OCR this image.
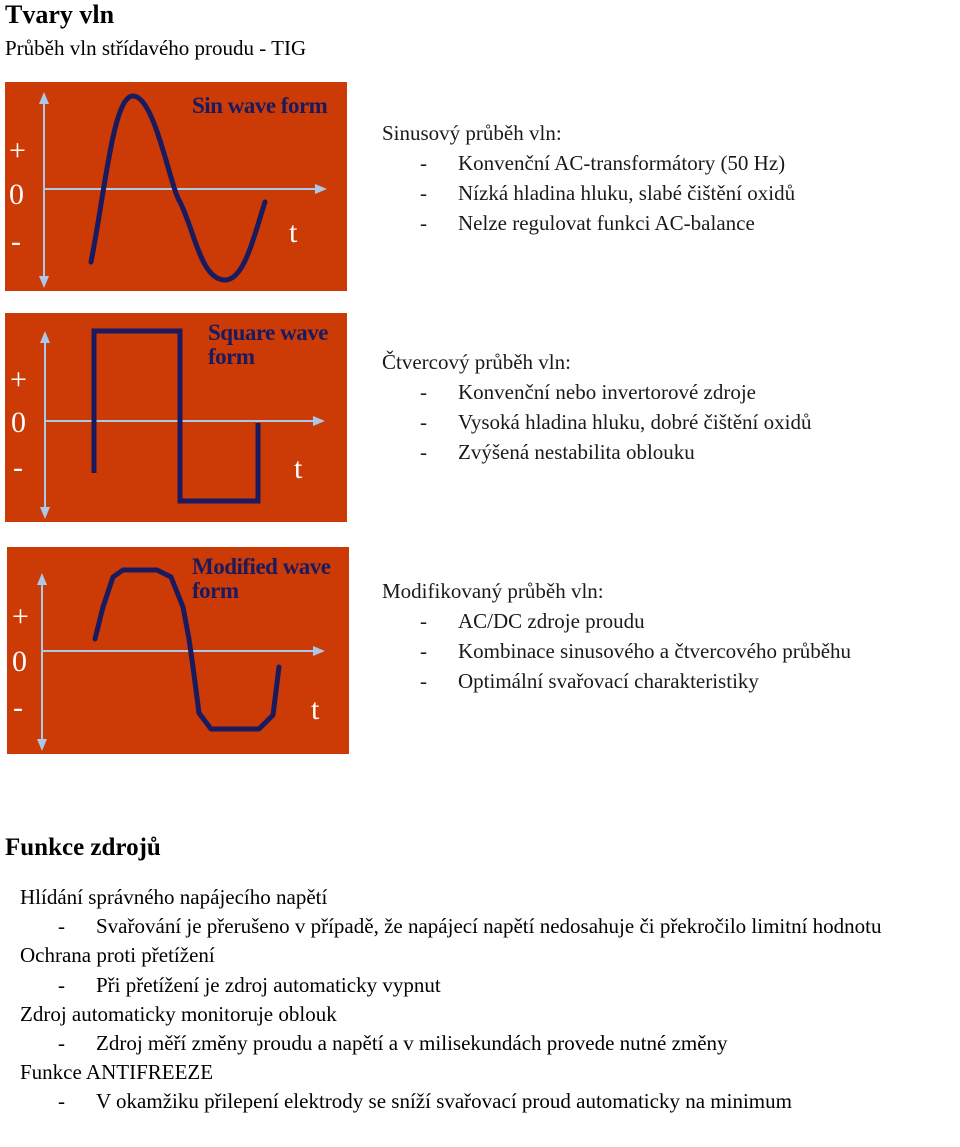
Tvary vln
Průběh vln střídavého proudu - TIG
Sin wave form
+
0
-	t
Sinusový průběh vln:
-	Konvenční AC-transformátory (50 Hz)
-	Nízká hladina hluku, slabé čištění oxidů
-	Nelze regulovat funkci AC-balance
Square wave
form
+
0
-	t
Čtvercový průběh vln:
-	Konvenční nebo invertorové zdroje
-	Vysoká hladina hluku, dobré čištění oxidů
-	Zvýšená nestabilita oblouku
Modified wave
form
+
0
-	t
Modifikovaný průběh vln:
-	AC/DC zdroje proudu
-	Kombinace sinusového a čtvercového průběhu
-	Optimální svařovací charakteristiky
Funkce zdrojů
Hlídání správného napájecího napětí
-	Svařování je přerušeno v případě, že napájecí napětí nedosahuje či překročilo limitní hodnotu
Ochrana proti přetížení
-	Při přetížení je zdroj automaticky vypnut
Zdroj automaticky monitoruje oblouk
-	Zdroj měří změny proudu a napětí a v milisekundách provede nutné změny
Funkce ANTIFREEZE
-	V okamžiku přilepení elektrody se sníží svařovací proud automaticky na minimum
